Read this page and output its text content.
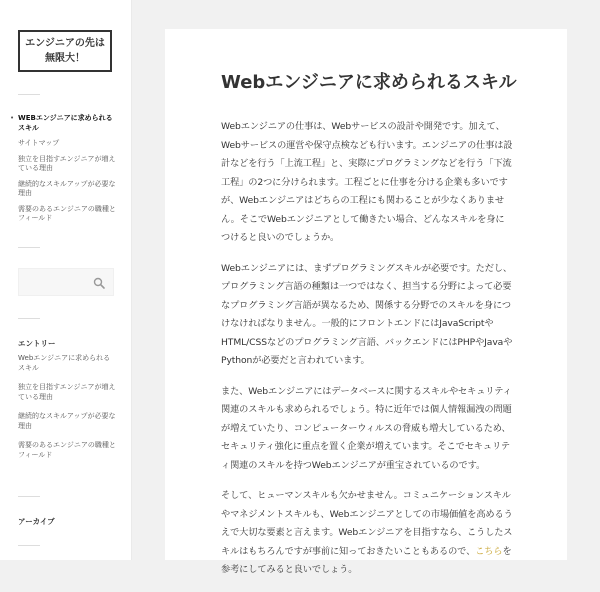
エンジニアの先は無限大！
• WEBエンジニアに求められるスキル
サイトマップ
独立を目指すエンジニアが増えている理由
継続的なスキルアップが必要な理由
需要のあるエンジニアの職種とフィールド
エントリー
Webエンジニアに求められるスキル
独立を目指すエンジニアが増えている理由
継続的なスキルアップが必要な理由
需要のあるエンジニアの職種とフィールド
アーカイブ
Webエンジニアに求められるスキル

Webエンジニアの仕事は、Webサービスの設計や開発です。加えて、Webサービスの運営や保守点検なども行います。エンジニアの仕事は設計などを行う「上流工程」と、実際にプログラミングなどを行う「下流工程」の2つに分けられます。工程ごとに仕事を分ける企業も多いですが、Webエンジニアはどちらの工程にも関わることが少なくありません。そこでWebエンジニアとして働きたい場合、どんなスキルを身につけると良いのでしょうか。

Webエンジニアには、まずプログラミングスキルが必要です。ただし、プログラミング言語の種類は一つではなく、担当する分野によって必要なプログラミング言語が異なるため、関係する分野でのスキルを身につけなければなりません。一般的にフロントエンドにはJavaScriptやHTML/CSSなどのプログラミング言語、バックエンドにはPHPやJavaやPythonが必要だと言われています。

また、Webエンジニアにはデータベースに関するスキルやセキュリティ関連のスキルも求められるでしょう。特に近年では個人情報漏洩の問題が増えていたり、コンピューターウィルスの脅威も増大しているため、セキュリティ強化に重点を置く企業が増えています。そこでセキュリティ関連のスキルを持つWebエンジニアが重宝されているのです。

そして、ヒューマンスキルも欠かせません。コミュニケーションスキルやマネジメントスキルも、Webエンジニアとしての市場価値を高めるうえで大切な要素と言えます。Webエンジニアを目指すなら、こうしたスキルはもちろんですが事前に知っておきたいこともあるので、こちらを参考にしてみると良いでしょう。
